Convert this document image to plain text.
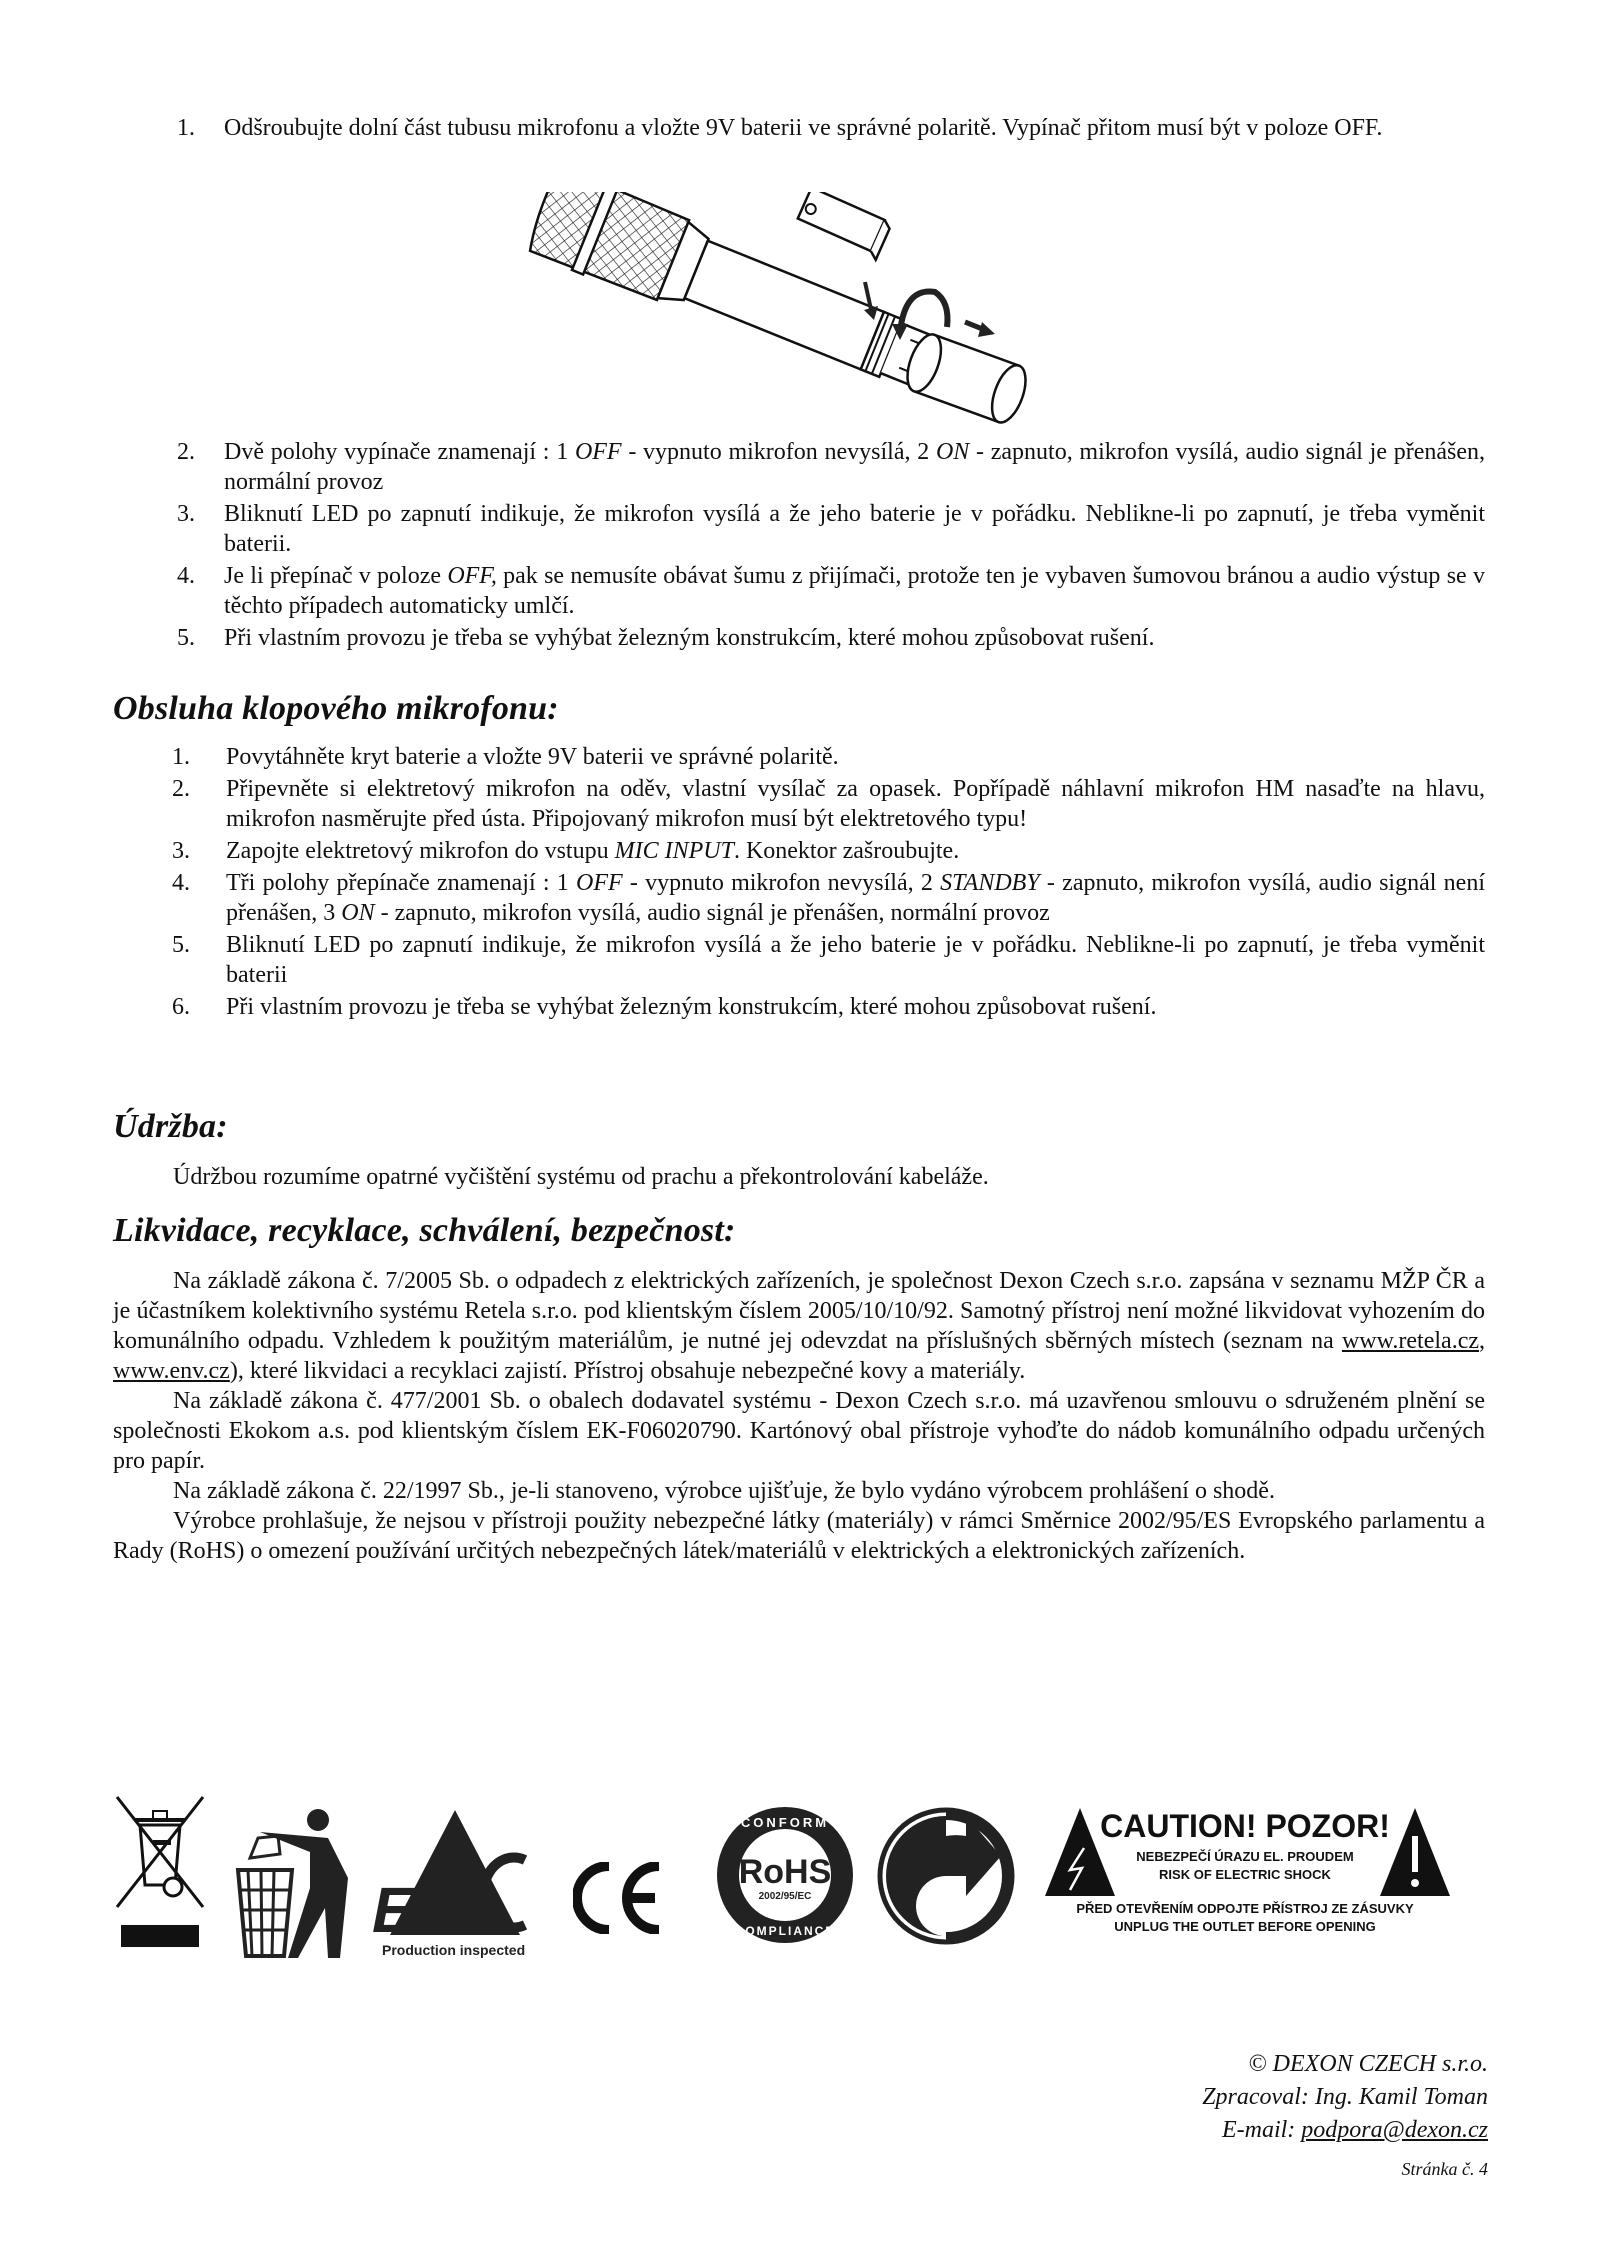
1. Odšroubujte dolní část tubusu mikrofonu a vložte 9V baterii ve správné polaritě. Vypínač přitom musí být v poloze OFF.
2. Dvě polohy vypínače znamenají : 1 OFF - vypnuto mikrofon nevysílá, 2 ON - zapnuto, mikrofon vysílá, audio signál je přenášen, normální provoz
3. Bliknutí LED po zapnutí indikuje, že mikrofon vysílá a že jeho baterie je v pořádku. Neblikne-li po zapnutí, je třeba vyměnit baterii.
4. Je li přepínač v poloze OFF, pak se nemusíte obávat šumu z přijímači, protože ten je vybaven šumovou bránou a audio výstup se v těchto případech automaticky umlčí.
5. Při vlastním provozu je třeba se vyhýbat železným konstrukcím, které mohou způsobovat rušení.
Obsluha klopového mikrofonu:
1. Povytáhněte kryt baterie a vložte 9V baterii ve správné polaritě.
2. Připevněte si elektretový mikrofon na oděv, vlastní vysílač za opasek. Popřípadě náhlavní mikrofon HM nasaďte na hlavu, mikrofon nasměrujte před ústa. Připojovaný mikrofon musí být elektretového typu!
3. Zapojte elektretový mikrofon do vstupu MIC INPUT. Konektor zašroubujte.
4. Tři polohy přepínače znamenají : 1 OFF - vypnuto mikrofon nevysílá, 2 STANDBY - zapnuto, mikrofon vysílá, audio signál není přenášen, 3 ON - zapnuto, mikrofon vysílá, audio signál je přenášen, normální provoz
5. Bliknutí LED po zapnutí indikuje, že mikrofon vysílá a že jeho baterie je v pořádku. Neblikne-li po zapnutí, je třeba vyměnit baterii
6. Při vlastním provozu je třeba se vyhýbat železným konstrukcím, které mohou způsobovat rušení.
Údržba:

Údržbou rozumíme opatrné vyčištění systému od prachu a překontrolování kabeláže.

Likvidace, recyklace, schválení, bezpečnost:

Na základě zákona č. 7/2005 Sb. o odpadech z elektrických zařízeních, je společnost Dexon Czech s.r.o. zapsána v seznamu MŽP ČR a je účastníkem kolektivního systému Retela s.r.o. pod klientským číslem 2005/10/10/92. Samotný přístroj není možné likvidovat vyhozením do komunálního odpadu. Vzhledem k použitým materiálům, je nutné jej odevzdat na příslušných sběrných místech (seznam na www.retela.cz, www.env.cz), které likvidaci a recyklaci zajistí. Přístroj obsahuje nebezpečné kovy a materiály.

Na základě zákona č. 477/2001 Sb. o obalech dodavatel systému - Dexon Czech s.r.o. má uzavřenou smlouvu o sdruženém plnění se společnosti Ekokom a.s. pod klientským číslem EK-F06020790. Kartónový obal přístroje vyhoďte do nádob komunálního odpadu určených pro papír.

Na základě zákona č. 22/1997 Sb., je-li stanoveno, výrobce ujišťuje, že bylo vydáno výrobcem prohlášení o shodě.

Výrobce prohlašuje, že nejsou v přístroji použity nebezpečné látky (materiály) v rámci Směrnice 2002/95/ES Evropského parlamentu a Rady (RoHS) o omezení používání určitých nebezpečných látek/materiálů v elektrických a elektronických zařízeních.

E
Production inspected
RoHS
2002/95/EC
CONFORM
COMPLIANCE
CAUTION! POZOR!
NEBEZPEČÍ ÚRAZU EL. PROUDEM
RISK OF ELECTRIC SHOCK
PŘED OTEVŘENÍM ODPOJTE PŘÍSTROJ ZE ZÁSUVKY
UNPLUG THE OUTLET BEFORE OPENING
© DEXON CZECH s.r.o.
Zpracoval: Ing. Kamil Toman
E-mail: podpora@dexon.cz
Stránka č. 4
